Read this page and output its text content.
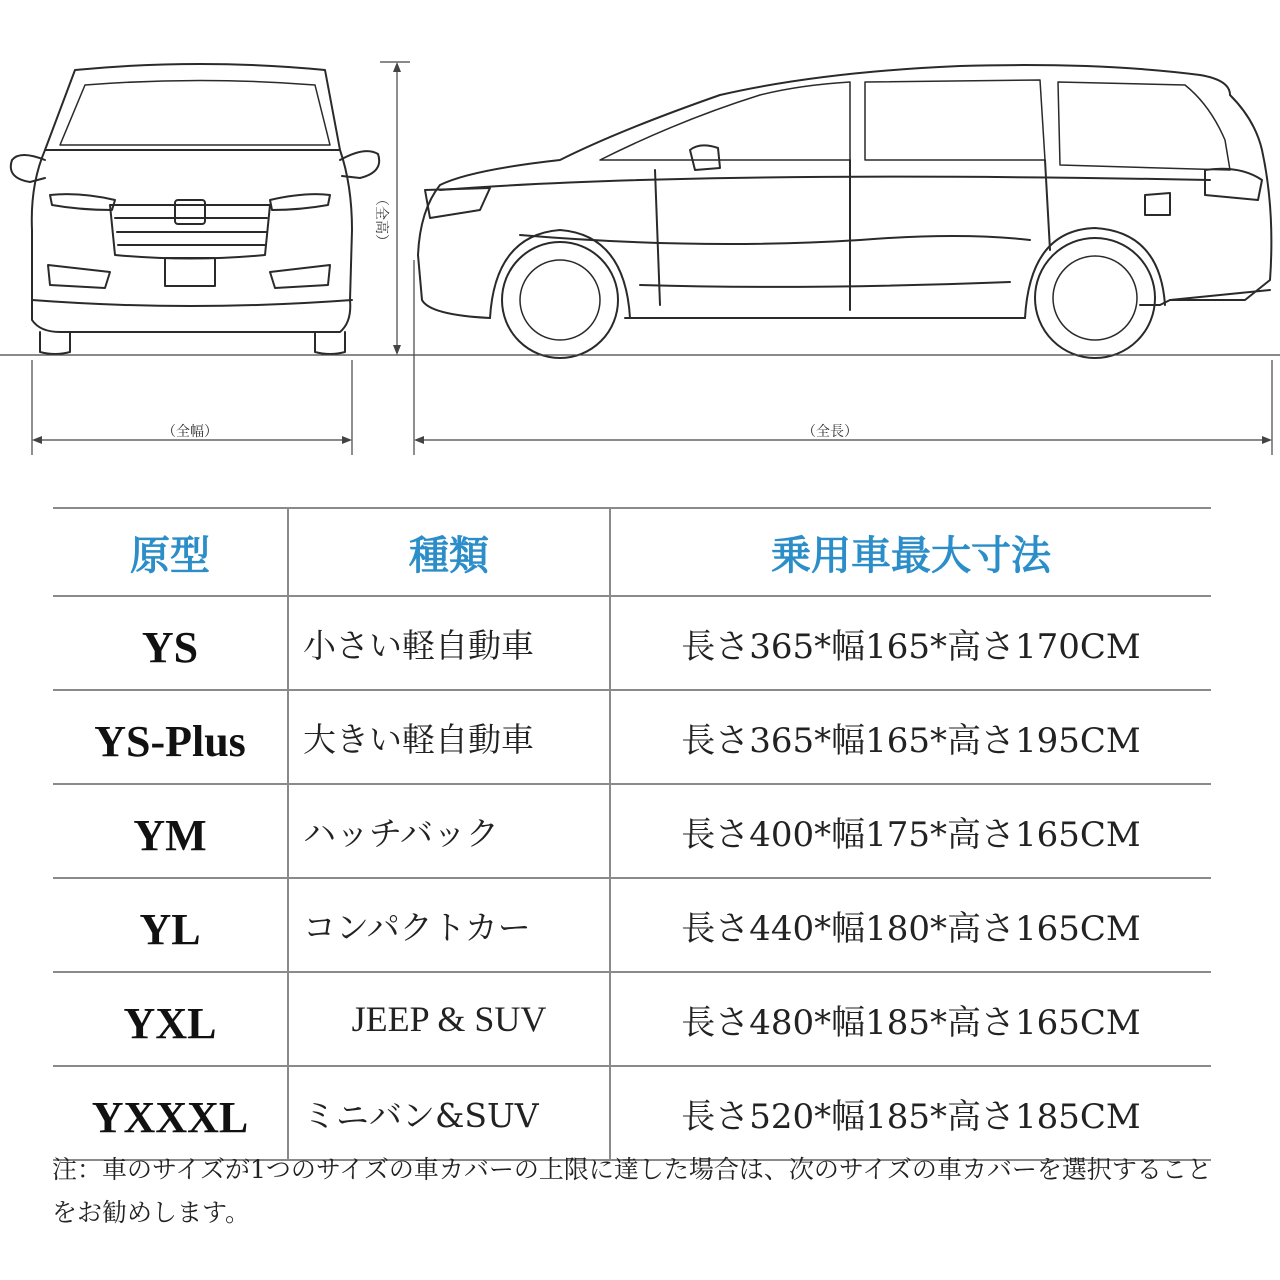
（全高）
（全幅）	（全長）
原型	種類	乗用車最大寸法
YS	小さい軽自動車	長さ365*幅165*高さ170CM
YS-Plus	大きい軽自動車	長さ365*幅165*高さ195CM
YM	ハッチバック	長さ400*幅175*高さ165CM
YL	コンパクトカー	長さ440*幅180*高さ165CM
YXL	JEEP & SUV	長さ480*幅185*高さ165CM
YXXXL	ミニバン&SUV	長さ520*幅185*高さ185CM
注：車のサイズが1つのサイズの車カバーの上限に達した場合は、次のサイズの車カバーを選択することをお勧めします。
